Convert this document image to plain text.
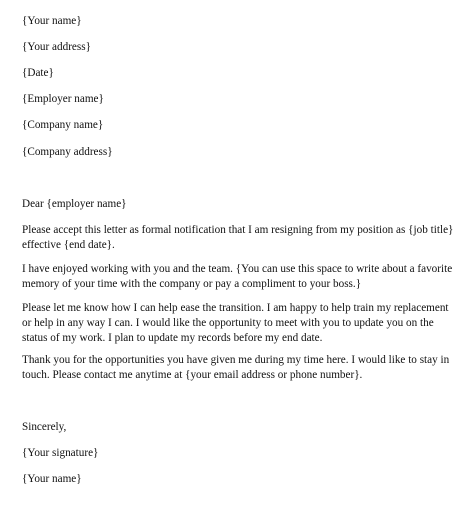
{Your name}
{Your address}
{Date}
{Employer name}
{Company name}
{Company address}
Dear {employer name}
Please accept this letter as formal notification that I am resigning from my position as {job title}
effective {end date}.
I have enjoyed working with you and the team. {You can use this space to write about a favorite
memory of your time with the company or pay a compliment to your boss.}
Please let me know how I can help ease the transition. I am happy to help train my replacement
or help in any way I can. I would like the opportunity to meet with you to update you on the
status of my work. I plan to update my records before my end date.
Thank you for the opportunities you have given me during my time here. I would like to stay in
touch. Please contact me anytime at {your email address or phone number}.
Sincerely,
{Your signature}
{Your name}
